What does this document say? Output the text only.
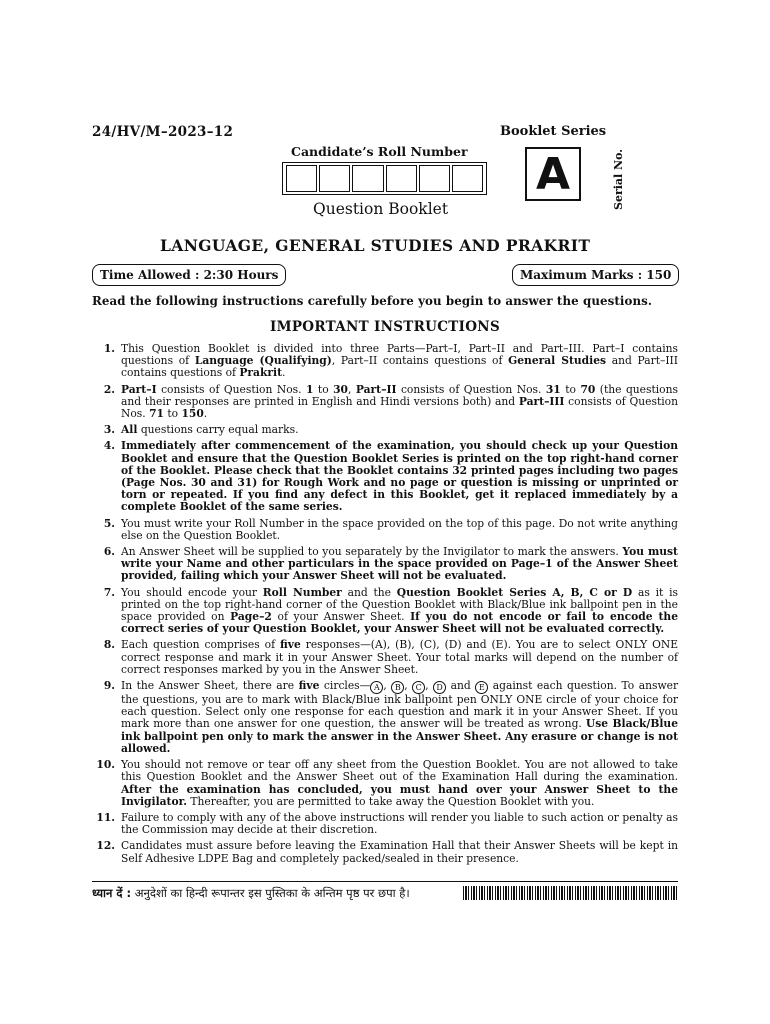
24/HV/M–2023–12	Booklet Series
Candidate’s Roll Number A	Serial No.
Question Booklet
LANGUAGE, GENERAL STUDIES AND PRAKRIT
Time Allowed : 2:30 Hours	Maximum Marks : 150
Read the following instructions carefully before you begin to answer the questions.
IMPORTANT INSTRUCTIONS
1. This Question Booklet is divided into three Parts—Part–I, Part–II and Part–III. Part–I contains questions of Language (Qualifying), Part–II contains questions of General Studies and Part–III contains questions of Prakrit.
2. Part–I consists of Question Nos. 1 to 30, Part–II consists of Question Nos. 31 to 70 (the questions and their responses are printed in English and Hindi versions both) and Part–III consists of Question Nos. 71 to 150.
3. All questions carry equal marks.
4. Immediately after commencement of the examination, you should check up your Question Booklet and ensure that the Question Booklet Series is printed on the top right-hand corner of the Booklet. Please check that the Booklet contains 32 printed pages including two pages (Page Nos. 30 and 31) for Rough Work and no page or question is missing or unprinted or torn or repeated. If you find any defect in this Booklet, get it replaced immediately by a complete Booklet of the same series.
5. You must write your Roll Number in the space provided on the top of this page. Do not write anything else on the Question Booklet.
6. An Answer Sheet will be supplied to you separately by the Invigilator to mark the answers. You must write your Name and other particulars in the space provided on Page–1 of the Answer Sheet provided, failing which your Answer Sheet will not be evaluated.
7. You should encode your Roll Number and the Question Booklet Series A, B, C or D as it is printed on the top right-hand corner of the Question Booklet with Black/Blue ink ballpoint pen in the space provided on Page–2 of your Answer Sheet. If you do not encode or fail to encode the correct series of your Question Booklet, your Answer Sheet will not be evaluated correctly.
8. Each question comprises of five responses—(A), (B), (C), (D) and (E). You are to select ONLY ONE correct response and mark it in your Answer Sheet. Your total marks will depend on the number of correct responses marked by you in the Answer Sheet.
9. In the Answer Sheet, there are five circles— A , B , C , D and E against each question. To answer the questions, you are to mark with Black/Blue ink ballpoint pen ONLY ONE circle of your choice for each question. Select only one response for each question and mark it in your Answer Sheet. If you mark more than one answer for one question, the answer will be treated as wrong. Use Black/Blue ink ballpoint pen only to mark the answer in the Answer Sheet. Any erasure or change is not allowed.
10. You should not remove or tear off any sheet from the Question Booklet. You are not allowed to take this Question Booklet and the Answer Sheet out of the Examination Hall during the examination. After the examination has concluded, you must hand over your Answer Sheet to the Invigilator. Thereafter, you are permitted to take away the Question Booklet with you.
11. Failure to comply with any of the above instructions will render you liable to such action or penalty as the Commission may decide at their discretion.
12. Candidates must assure before leaving the Examination Hall that their Answer Sheets will be kept in Self Adhesive LDPE Bag and completely packed/sealed in their presence.
ध्यान दें : अनुदेशों का हिन्दी रूपान्तर इस पुस्तिका के अन्तिम पृष्ठ पर छपा है।
